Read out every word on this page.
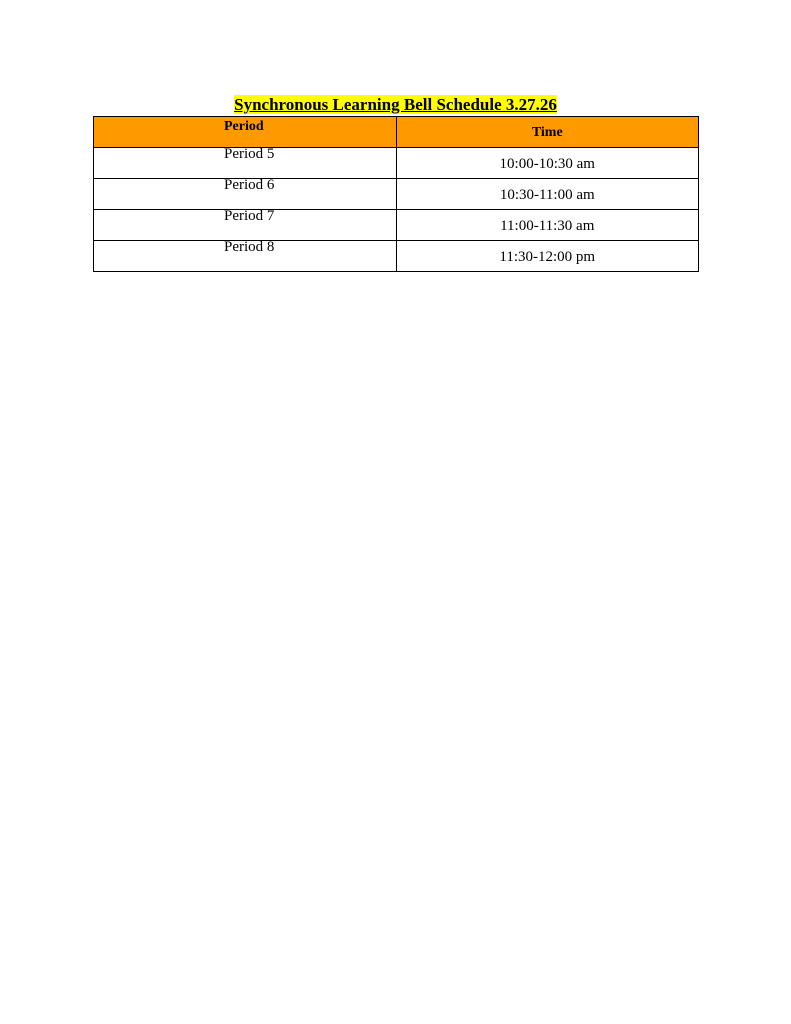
Synchronous Learning Bell Schedule 3.27.26
Period	Time

Period 5	10:00-10:30 am

Period 6	10:30-11:00 am

Period 7	11:00-11:30 am

Period 8	11:30-12:00 pm
